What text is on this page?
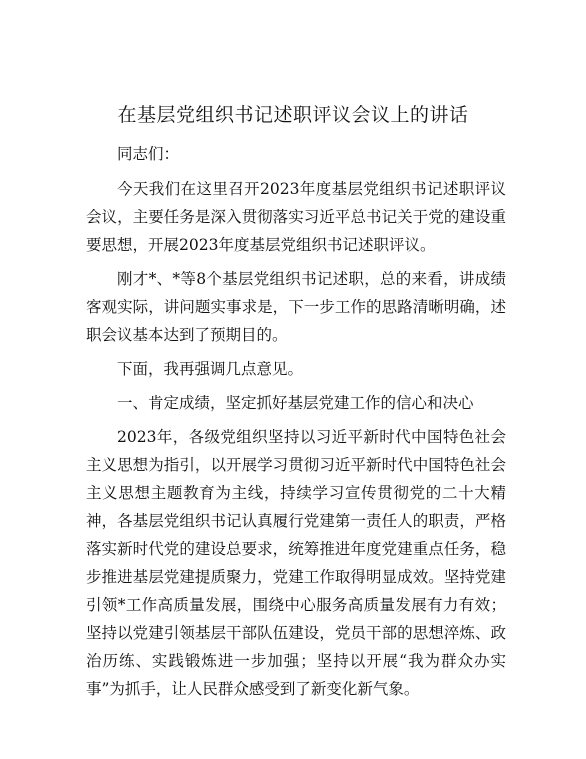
在基层党组织书记述职评议会议上的讲话

同志们：

今天我们在这里召开2023年度基层党组织书记述职评议会议，主要任务是深入贯彻落实习近平总书记关于党的建设重要思想，开展2023年度基层党组织书记述职评议。

刚才*、*等8个基层党组织书记述职，总的来看，讲成绩客观实际，讲问题实事求是，下一步工作的思路清晰明确，述职会议基本达到了预期目的。

下面，我再强调几点意见。

一、肯定成绩，坚定抓好基层党建工作的信心和决心

2023年，各级党组织坚持以习近平新时代中国特色社会主义思想为指引，以开展学习贯彻习近平新时代中国特色社会主义思想主题教育为主线，持续学习宣传贯彻党的二十大精神，各基层党组织书记认真履行党建第一责任人的职责，严格落实新时代党的建设总要求，统筹推进年度党建重点任务，稳步推进基层党建提质聚力，党建工作取得明显成效。坚持党建引领*工作高质量发展，围绕中心服务高质量发展有力有效；坚持以党建引领基层干部队伍建设，党员干部的思想淬炼、政治历练、实践锻炼进一步加强；坚持以开展“我为群众办实事”为抓手，让人民群众感受到了新变化新气象。
